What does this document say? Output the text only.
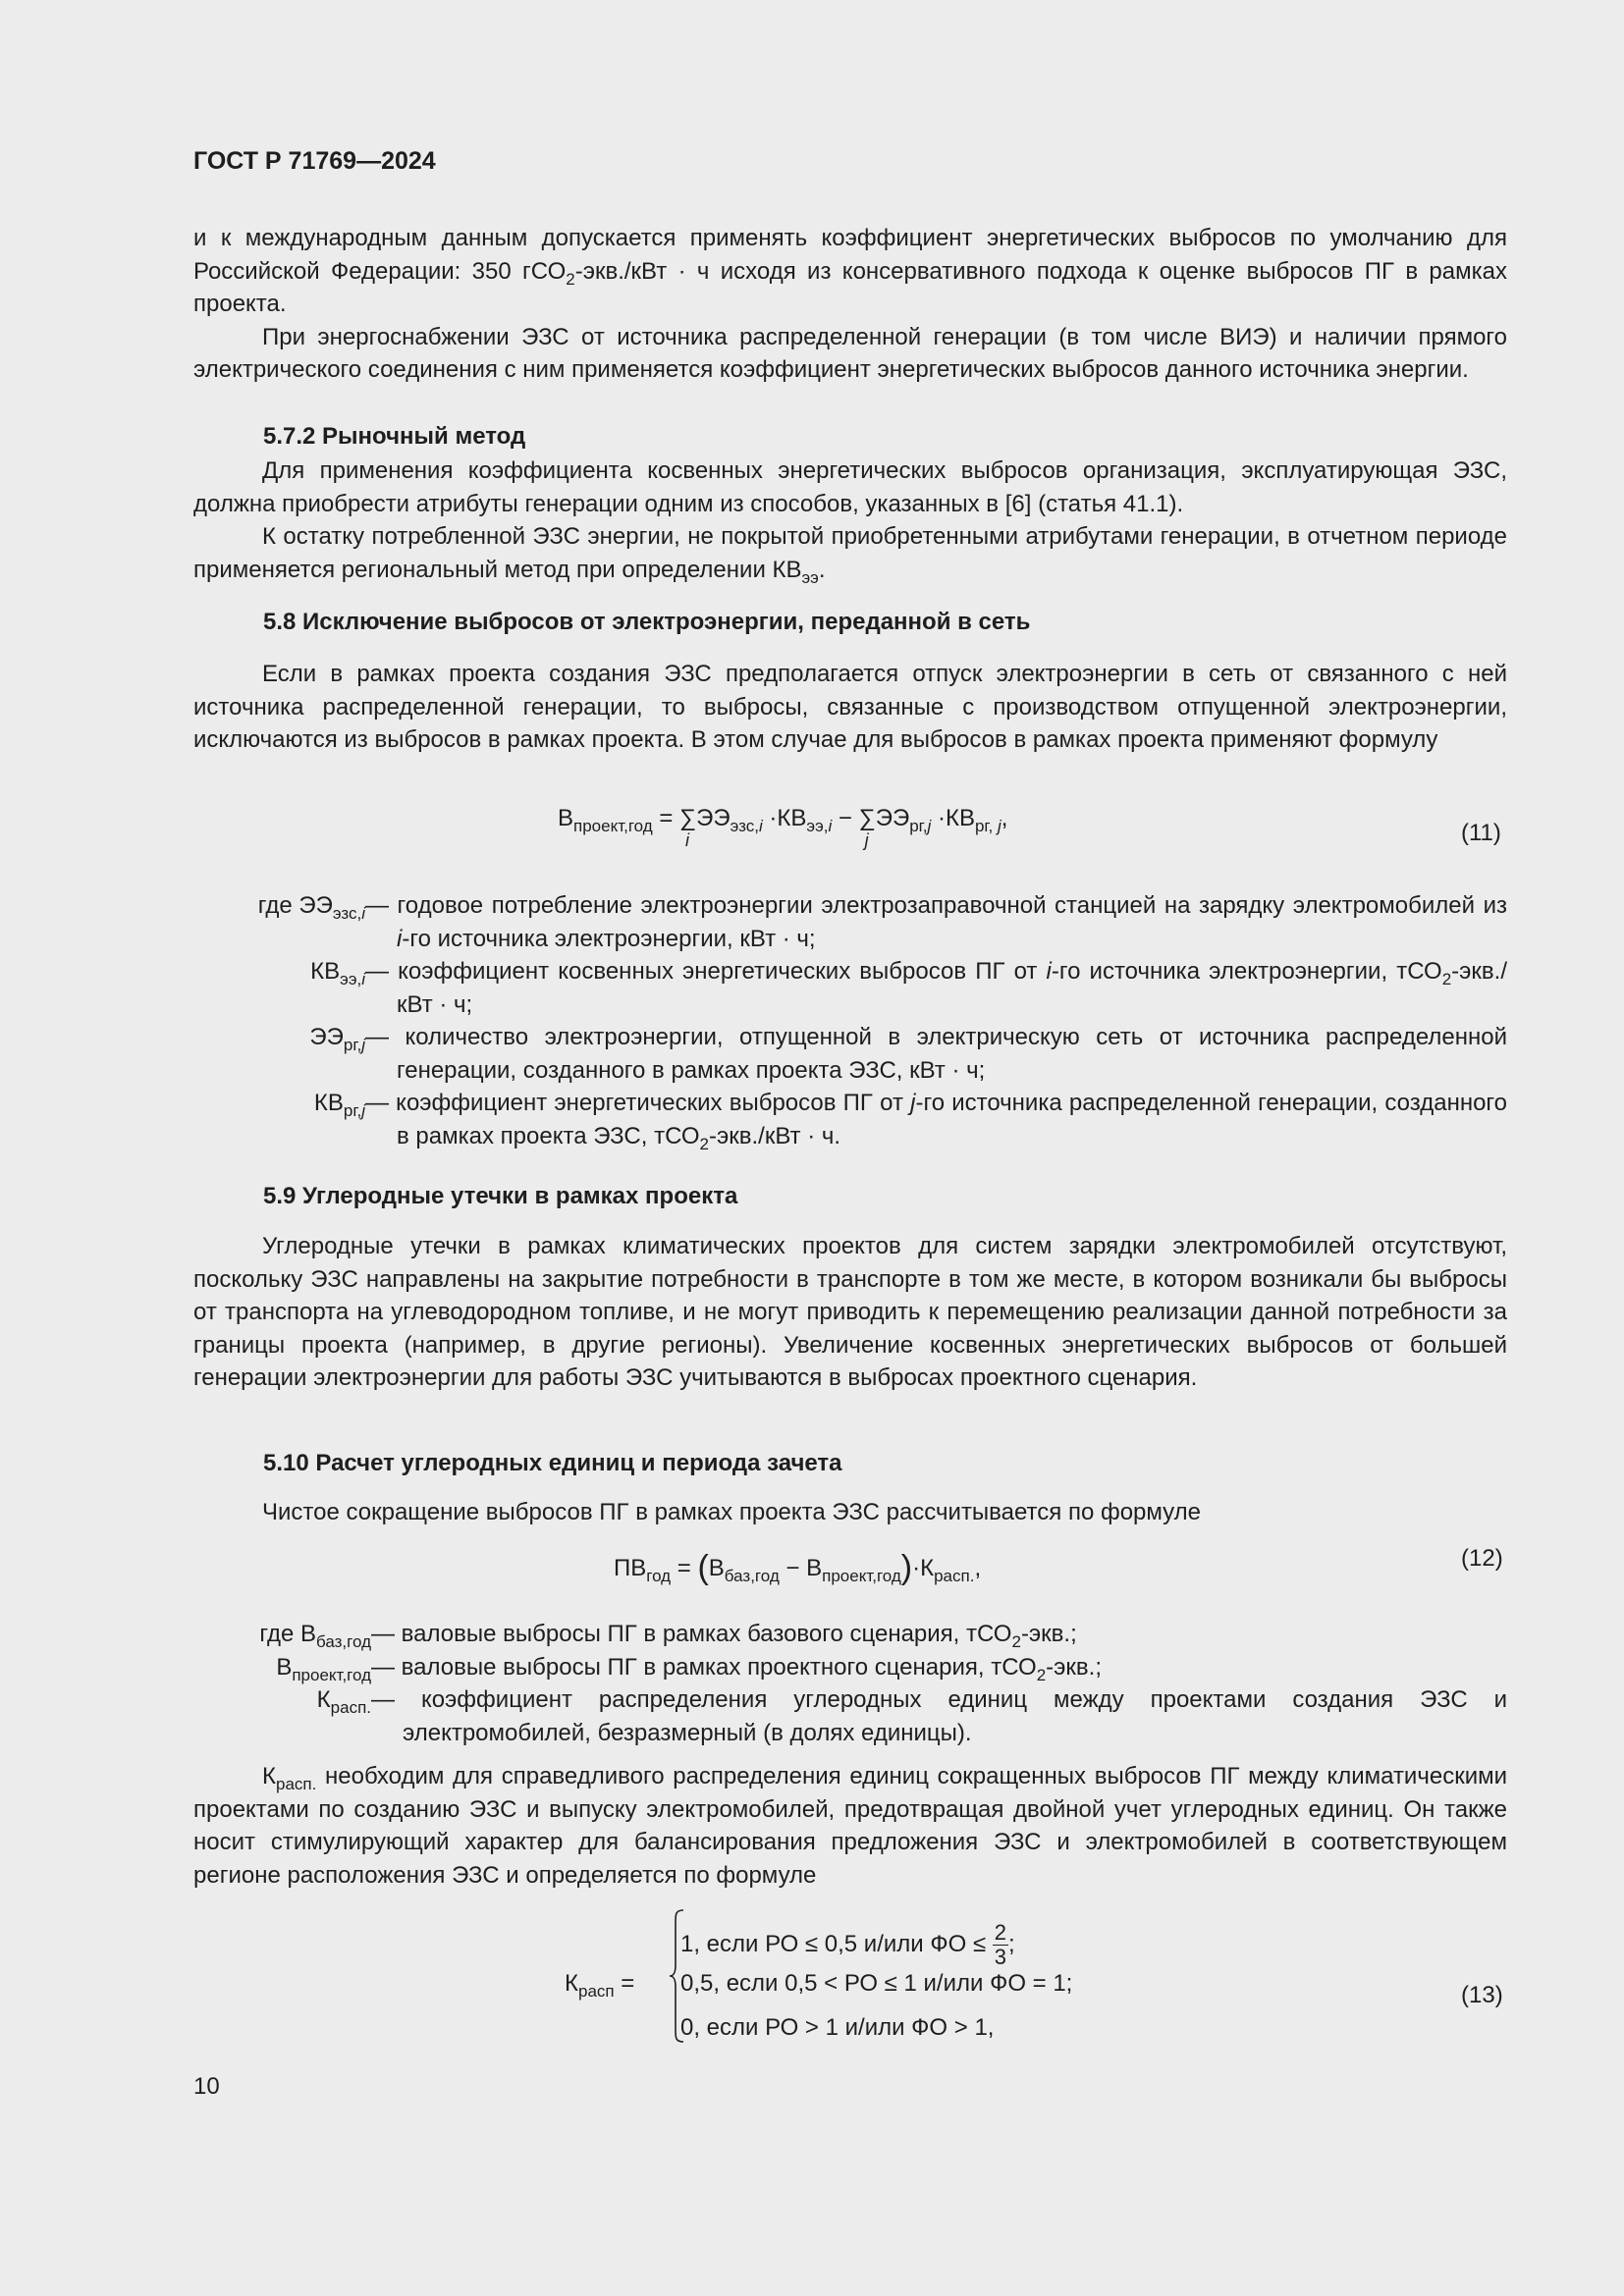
ГОСТ Р 71769—2024

и к международным данным допускается применять коэффициент энергетических выбросов по умолчанию для Российской Федерации: 350 гСО$_2$-экв./кВт · ч исходя из консервативного подхода к оценке выбросов ПГ в рамках проекта.

При энергоснабжении ЭЗС от источника распределенной генерации (в том числе ВИЭ) и наличии прямого электрического соединения с ним применяется коэффициент энергетических выбросов данного источника энергии.

5.7.2 Рыночный метод

Для применения коэффициента косвенных энергетических выбросов организация, эксплуатирующая ЭЗС, должна приобрести атрибуты генерации одним из способов, указанных в [6] (статья 41.1).

К остатку потребленной ЭЗС энергии, не покрытой приобретенными атрибутами генерации, в отчетном периоде применяется региональный метод при определении $КВ_{ээ}$.

5.8 Исключение выбросов от электроэнергии, переданной в сеть

Если в рамках проекта создания ЭЗС предполагается отпуск электроэнергии в сеть от связанного с ней источника распределенной генерации, то выбросы, связанные с производством отпущенной электроэнергии, исключаются из выбросов в рамках проекта. В этом случае для выбросов в рамках проекта применяют формулу

$В_{проект,год}$ = ∑
i
$ЭЭ_{эзс,i} \cdot КВ_{ээ,i}$ − ∑
j
$ЭЭ_{рг,j} \cdot КВ_{рг, j}$,
(11)
где $ЭЭ_{эзс,i}$ — годовое потребление электроэнергии электрозаправочной станцией на зарядку электромобилей из i-го источника электроэнергии, кВт · ч;
$КВ_{ээ,i}$ — коэффициент косвенных энергетических выбросов ПГ от i-го источника электроэнергии, тСО$_2$-экв./кВт · ч;
$ЭЭ_{рг,j}$ — количество электроэнергии, отпущенной в электрическую сеть от источника распределенной генерации, созданного в рамках проекта ЭЗС, кВт · ч;
$КВ_{рг,j}$ — коэффициент энергетических выбросов ПГ от j-го источника распределенной генерации, созданного в рамках проекта ЭЗС, тСО$_2$-экв./кВт · ч.
5.9 Углеродные утечки в рамках проекта

Углеродные утечки в рамках климатических проектов для систем зарядки электромобилей отсутствуют, поскольку ЭЗС направлены на закрытие потребности в транспорте в том же месте, в котором возникали бы выбросы от транспорта на углеводородном топливе, и не могут приводить к перемещению реализации данной потребности за границы проекта (например, в другие регионы). Увеличение косвенных энергетических выбросов от большей генерации электроэнергии для работы ЭЗС учитываются в выбросах проектного сценария.

5.10 Расчет углеродных единиц и периода зачета

Чистое сокращение выбросов ПГ в рамках проекта ЭЗС рассчитывается по формуле

$ПВ_{год} = (В_{баз,год} - В_{проект,год})\cdot К_{расп.}$,	(12)
где $В_{баз,год}$ — валовые выбросы ПГ в рамках базового сценария, тСО$_2$-экв.;
$В_{проект,год}$ — валовые выбросы ПГ в рамках проектного сценария, тСО$_2$-экв.;
$К_{расп.}$ — коэффициент распределения углеродных единиц между проектами создания ЭЗС и электромобилей, безразмерный (в долях единицы).

$К_{расп.}$ необходим для справедливого распределения единиц сокращенных выбросов ПГ между климатическими проектами по созданию ЭЗС и выпуску электромобилей, предотвращая двойной учет углеродных единиц. Он также носит стимулирующий характер для балансирования предложения ЭЗС и электромобилей в соответствующем регионе расположения ЭЗС и определяется по формуле

$К_{расп}$ =
1, если РО ≤ 0,5 и/или ФО ≤ $\frac{2}{3}$ ;
0,5, если 0,5 < РО ≤ 1 и/или ФО = 1;
0, если РО > 1 и/или ФО > 1,
(13)
10
